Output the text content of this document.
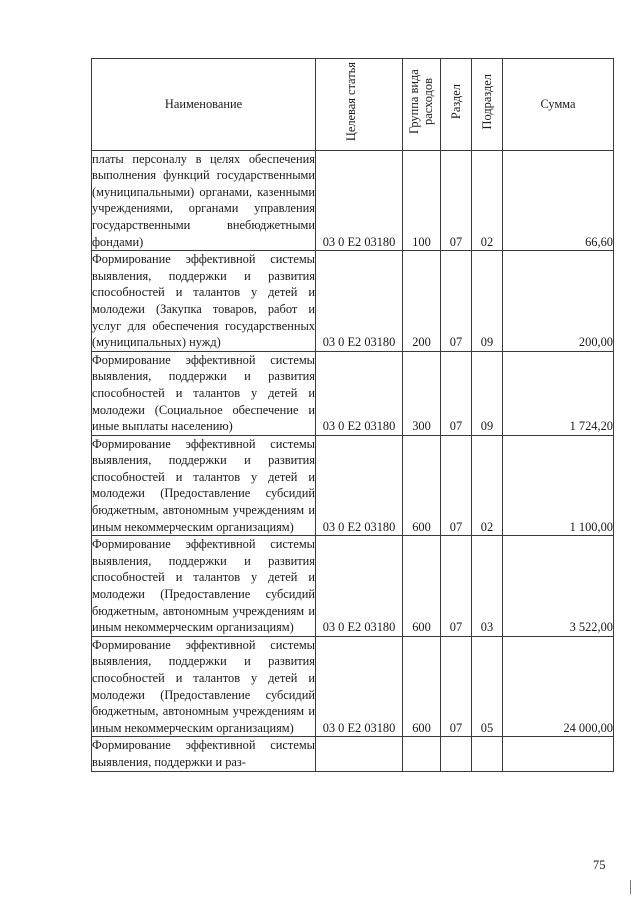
Наименование	Целевая статья	Группа вида расходов	Раздел	Подраздел	Сумма

платы персоналу в целях обеспечения выполнения функций государственными (муниципальными) органами, казенными учреждениями, органами управления государственными внебюджетными фондами)	03 0 Е2 03180	100	07	02	66,60

Формирование эффективной системы выявления, поддержки и развития способностей и талантов у детей и молодежи (Закупка товаров, работ и услуг для обеспечения государственных (муниципальных) нужд)	03 0 Е2 03180	200	07	09	200,00

Формирование эффективной системы выявления, поддержки и развития способностей и талантов у детей и молодежи (Социальное обеспечение и иные выплаты населению)	03 0 Е2 03180	300	07	09	1 724,20

Формирование эффективной системы выявления, поддержки и развития способностей и талантов у детей и молодежи (Предоставление субсидий бюджетным, автономным учреждениям и иным некоммерческим организациям)	03 0 Е2 03180	600	07	02	1 100,00

Формирование эффективной системы выявления, поддержки и развития способностей и талантов у детей и молодежи (Предоставление субсидий бюджетным, автономным учреждениям и иным некоммерческим организациям)	03 0 Е2 03180	600	07	03	3 522,00

Формирование эффективной системы выявления, поддержки и развития способностей и талантов у детей и молодежи (Предоставление субсидий бюджетным, автономным учреждениям и иным некоммерческим организациям)	03 0 Е2 03180	600	07	05	24 000,00

Формирование эффективной системы выявления, поддержки и раз-					

75
